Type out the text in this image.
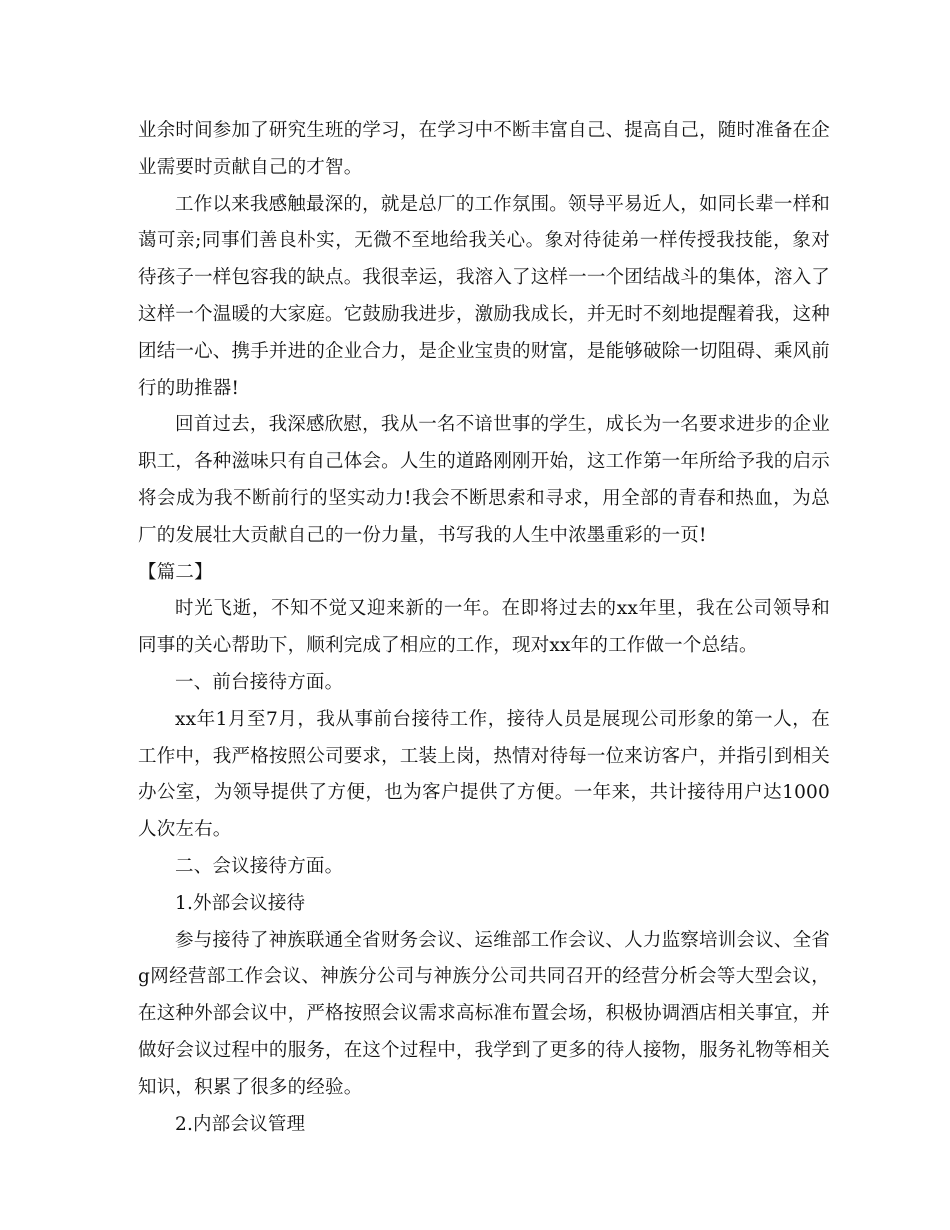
业余时间参加了研究生班的学习，在学习中不断丰富自己、提高自己，随时准备在企业需要时贡献自己的才智。

工作以来我感触最深的，就是总厂的工作氛围。领导平易近人，如同长辈一样和蔼可亲;同事们善良朴实，无微不至地给我关心。象对待徒弟一样传授我技能，象对待孩子一样包容我的缺点。我很幸运，我溶入了这样一一个团结战斗的集体，溶入了这样一个温暖的大家庭。它鼓励我进步，激励我成长，并无时不刻地提醒着我，这种团结一心、携手并进的企业合力，是企业宝贵的财富，是能够破除一切阻碍、乘风前行的助推器!

回首过去，我深感欣慰，我从一名不谙世事的学生，成长为一名要求进步的企业职工，各种滋味只有自己体会。人生的道路刚刚开始，这工作第一年所给予我的启示将会成为我不断前行的坚实动力!我会不断思索和寻求，用全部的青春和热血，为总厂的发展壮大贡献自己的一份力量，书写我的人生中浓墨重彩的一页!

【篇二】

时光飞逝，不知不觉又迎来新的一年。在即将过去的xx年里，我在公司领导和同事的关心帮助下，顺利完成了相应的工作，现对xx年的工作做一个总结。

一、前台接待方面。

xx年1月至7月，我从事前台接待工作，接待人员是展现公司形象的第一人，在工作中，我严格按照公司要求，工装上岗，热情对待每一位来访客户，并指引到相关办公室，为领导提供了方便，也为客户提供了方便。一年来，共计接待用户达1000人次左右。

二、会议接待方面。

1.外部会议接待

参与接待了神族联通全省财务会议、运维部工作会议、人力监察培训会议、全省g网经营部工作会议、神族分公司与神族分公司共同召开的经营分析会等大型会议，在这种外部会议中，严格按照会议需求高标准布置会场，积极协调酒店相关事宜，并做好会议过程中的服务，在这个过程中，我学到了更多的待人接物，服务礼物等相关知识，积累了很多的经验。

2.内部会议管理
